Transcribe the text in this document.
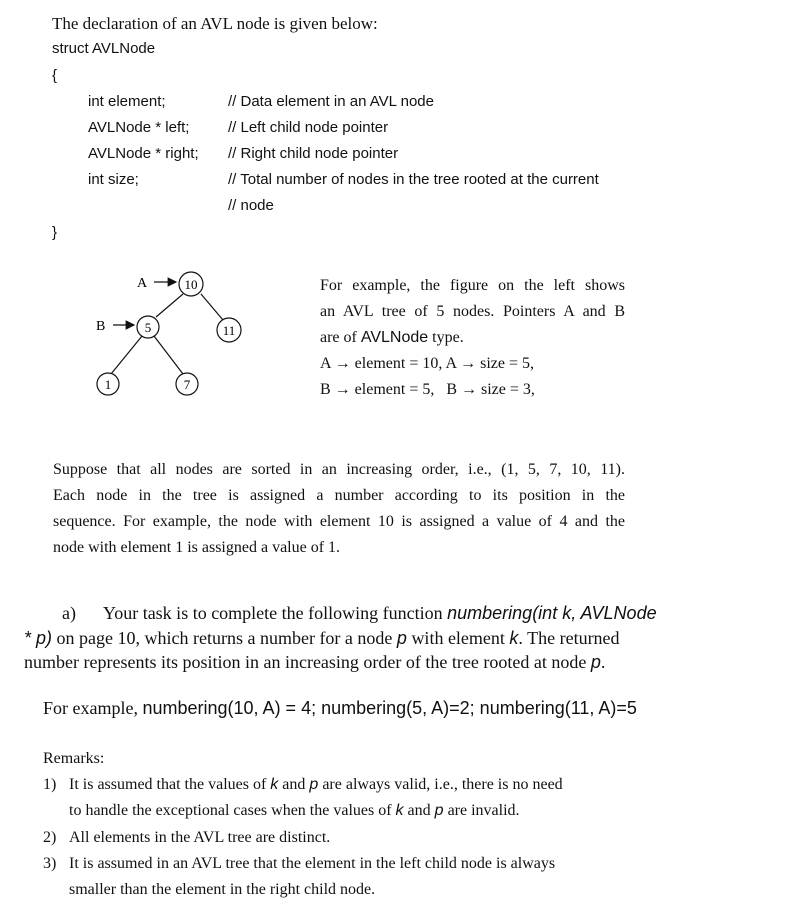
The declaration of an AVL node is given below:
struct AVLNode
{
int element;	// Data element in an AVL node
AVLNode * left;	// Left child node pointer
AVLNode * right; // Right child node pointer
int size;	// Total number of nodes in the tree rooted at the current
// node
}
A
B
10
5	11
1	7
For example, the figure on the left shows
an AVL tree of 5 nodes. Pointers A and B
are of AVLNode type.
A → element = 10, A → size = 5,
B → element = 5,   B → size = 3,
Suppose that all nodes are sorted in an increasing order, i.e., (1, 5, 7, 10, 11).
Each node in the tree is assigned a number according to its position in the
sequence. For example, the node with element 10 is assigned a value of 4 and the
node with element 1 is assigned a value of 1.
a) Your task is to complete the following function numbering(int k, AVLNode
* p) on page 10, which returns a number for a node p with element k. The returned
number represents its position in an increasing order of the tree rooted at node p.
For example, numbering(10, A) = 4; numbering(5, A)=2; numbering(11, A)=5
Remarks:
1) It is assumed that the values of k and p are always valid, i.e., there is no need
to handle the exceptional cases when the values of k and p are invalid.
2) All elements in the AVL tree are distinct.
3) It is assumed in an AVL tree that the element in the left child node is always
smaller than the element in the right child node.
